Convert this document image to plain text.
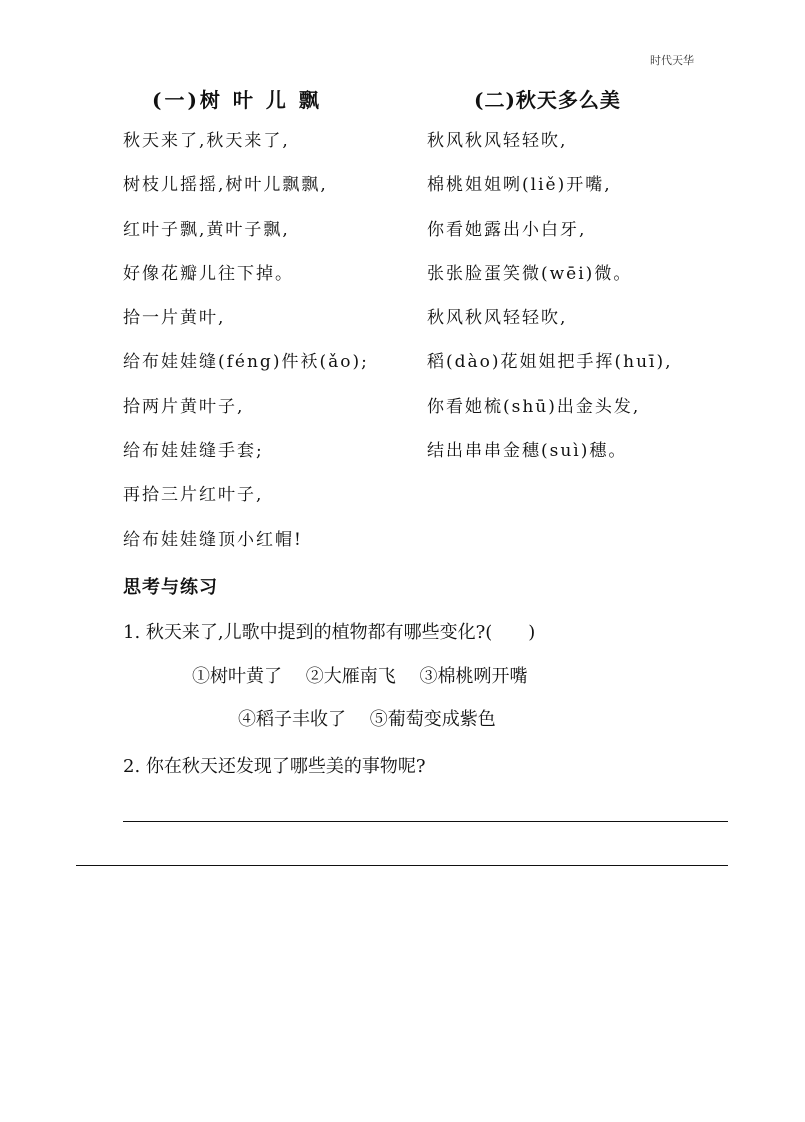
时代天华
(一)树 叶 儿 飘	(二)秋天多么美
秋天来了,秋天来了,
树枝儿摇摇,树叶儿飘飘,
红叶子飘,黄叶子飘,
好像花瓣儿往下掉。
拾一片黄叶,
给布娃娃缝(féng)件袄(ǎo);
拾两片黄叶子,
给布娃娃缝手套;
再拾三片红叶子,
给布娃娃缝顶小红帽!
秋风秋风轻轻吹,
棉桃姐姐咧(liě)开嘴,
你看她露出小白牙,
张张脸蛋笑微(wēi)微。
秋风秋风轻轻吹,
稻(dào)花姐姐把手挥(huī),
你看她梳(shū)出金头发,
结出串串金穗(suì)穗。
思考与练习
1. 秋天来了,儿歌中提到的植物都有哪些变化?(　　)
①树叶黄了 ②大雁南飞 ③棉桃咧开嘴
④稻子丰收了 ⑤葡萄变成紫色
2. 你在秋天还发现了哪些美的事物呢?
